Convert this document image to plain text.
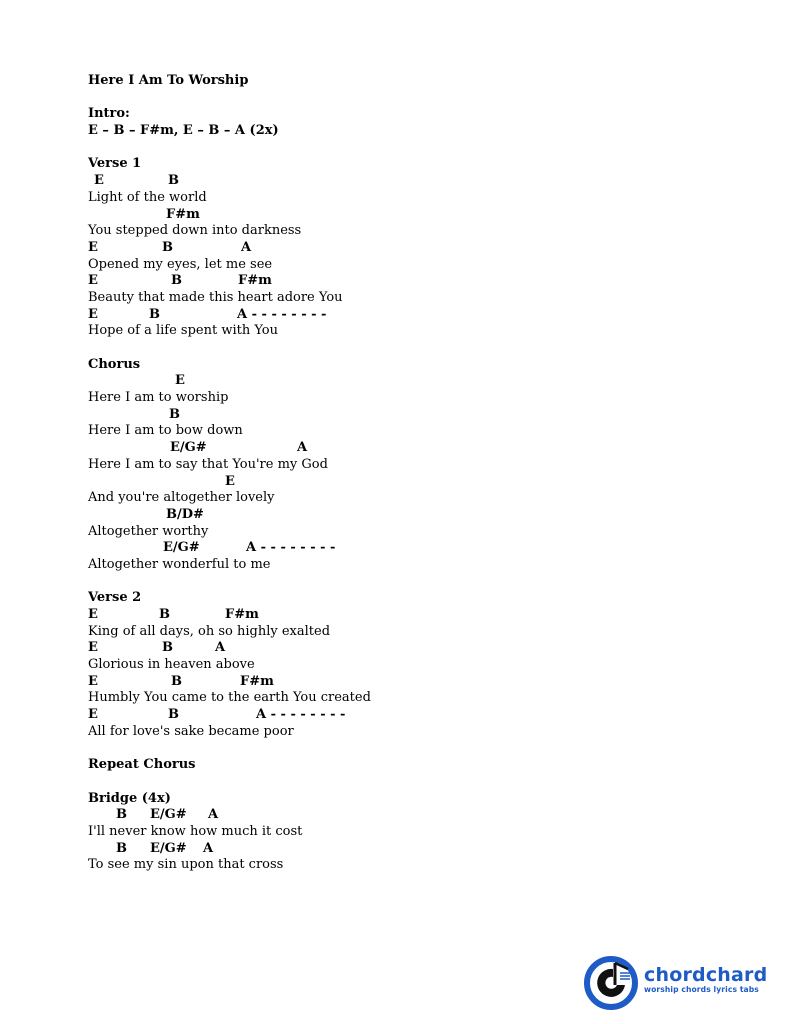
Here I Am To Worship
Intro:
E – B – F#m, E – B – A (2x)
Verse 1

E

	B

Light of the world

F#m

You stepped down into darkness

E

	B

	A

Opened my eyes, let me see

E

	B

	F#m

Beauty that made this heart adore You

E

	B

	A - - - - - - - -

Hope of a life spent with You
Chorus

E

Here I am to worship

B

Here I am to bow down

E/G#

	A

Here I am to say that You're my God

E

And you're altogether lovely

B/D#

Altogether worthy

E/G#

	A - - - - - - - -

Altogether wonderful to me
Verse 2

E

	B

	F#m

King of all days, oh so highly exalted

E

	B

	A

Glorious in heaven above

E

	B

	F#m

Humbly You came to the earth You created

E

	B

	A - - - - - - - -

All for love's sake became poor
Repeat Chorus
Bridge (4x)

B

E/G#

A

I'll never know how much it cost

B

E/G#

A

To see my sin upon that cross
chordchard
worship chords lyrics tabs
